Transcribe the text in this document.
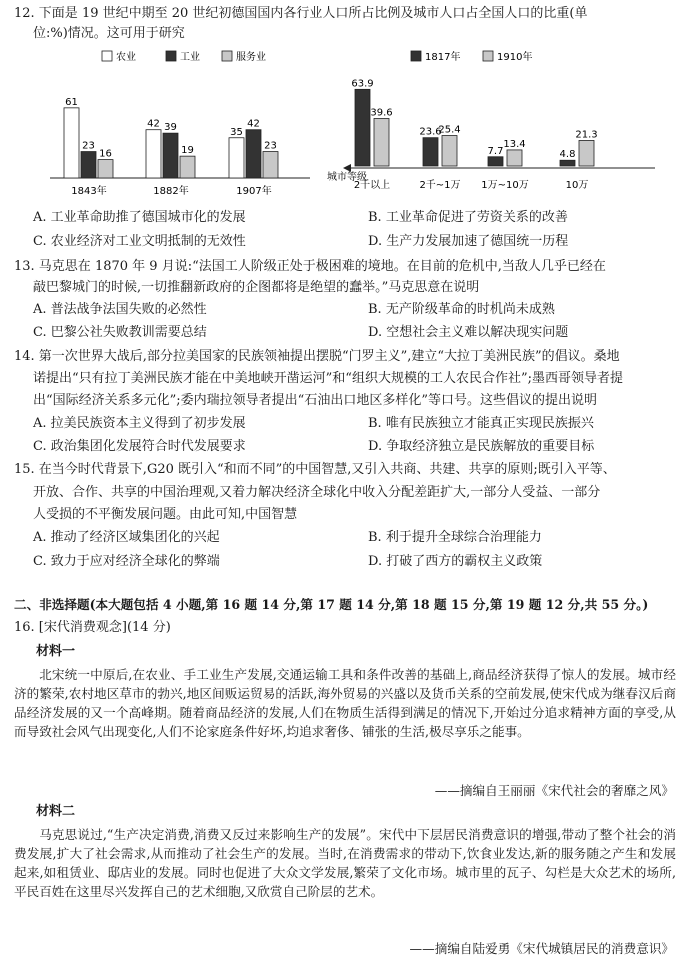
12. 下面是 19 世纪中期至 20 世纪初德国国内各行业人口所占比例及城市人口占全国人口的比重(单
位:%)情况。这可用于研究
农业	工业	服务业
61
23
16
42 39
19
35
42
23
1843年	1882年	1907年
1817年	1910年
城市等级
63.9
39.6
23.6
25.4
7.7
13.4
4.8
21.3
2千以上	2千~1万 1万~10万	10万
A. 工业革命助推了德国城市化的发展	B. 工业革命促进了劳资关系的改善
C. 农业经济对工业文明抵制的无效性	D. 生产力发展加速了德国统一历程
13. 马克思在 1870 年 9 月说:“法国工人阶级正处于极困难的境地。在目前的危机中,当敌人几乎已经在
敲巴黎城门的时候,一切推翻新政府的企图都将是绝望的蠢举。”马克思意在说明
A. 普法战争法国失败的必然性	B. 无产阶级革命的时机尚未成熟
C. 巴黎公社失败教训需要总结	D. 空想社会主义难以解决现实问题
14. 第一次世界大战后,部分拉美国家的民族领袖提出摆脱“门罗主义”,建立“大拉丁美洲民族”的倡议。桑地
诺提出“只有拉丁美洲民族才能在中美地峡开凿运河”和“组织大规模的工人农民合作社”;墨西哥领导者提
出“国际经济关系多元化”;委内瑞拉领导者提出“石油出口地区多样化”等口号。这些倡议的提出说明
A. 拉美民族资本主义得到了初步发展	B. 唯有民族独立才能真正实现民族振兴
C. 政治集团化发展符合时代发展要求	D. 争取经济独立是民族解放的重要目标
15. 在当今时代背景下,G20 既引入“和而不同”的中国智慧,又引入共商、共建、共享的原则;既引入平等、
开放、合作、共享的中国治理观,又着力解决经济全球化中收入分配差距扩大,一部分人受益、一部分
人受损的不平衡发展问题。由此可知,中国智慧
A. 推动了经济区域集团化的兴起	B. 利于提升全球综合治理能力
C. 致力于应对经济全球化的弊端	D. 打破了西方的霸权主义政策
二、非选择题(本大题包括 4 小题,第 16 题 14 分,第 17 题 14 分,第 18 题 15 分,第 19 题 12 分,共 55 分。)
16. [宋代消费观念](14 分)
材料一

北宋统一中原后,在农业、手工业生产发展,交通运输工具和条件改善的基础上,商品经济获得了惊人的发展。城市经济的繁荣,农村地区草市的勃兴,地区间贩运贸易的活跃,海外贸易的兴盛以及货币关系的空前发展,使宋代成为继春汉后商品经济发展的又一个高峰期。随着商品经济的发展,人们在物质生活得到满足的情况下,开始过分追求精神方面的享受,从而导致社会风气出现变化,人们不论家庭条件好坏,均追求奢侈、铺张的生活,极尽享乐之能事。

——摘编自王丽丽《宋代社会的奢靡之风》
材料二

马克思说过,“生产决定消费,消费又反过来影响生产的发展”。宋代中下层居民消费意识的增强,带动了整个社会的消费发展,扩大了社会需求,从而推动了社会生产的发展。当时,在消费需求的带动下,饮食业发达,新的服务随之产生和发展起来,如租赁业、邸店业的发展。同时也促进了大众文学发展,繁荣了文化市场。城市里的瓦子、勾栏是大众艺术的场所,平民百姓在这里尽兴发挥自己的艺术细胞,又欣赏自己阶层的艺术。

——摘编自陆爱勇《宋代城镇居民的消费意识》
